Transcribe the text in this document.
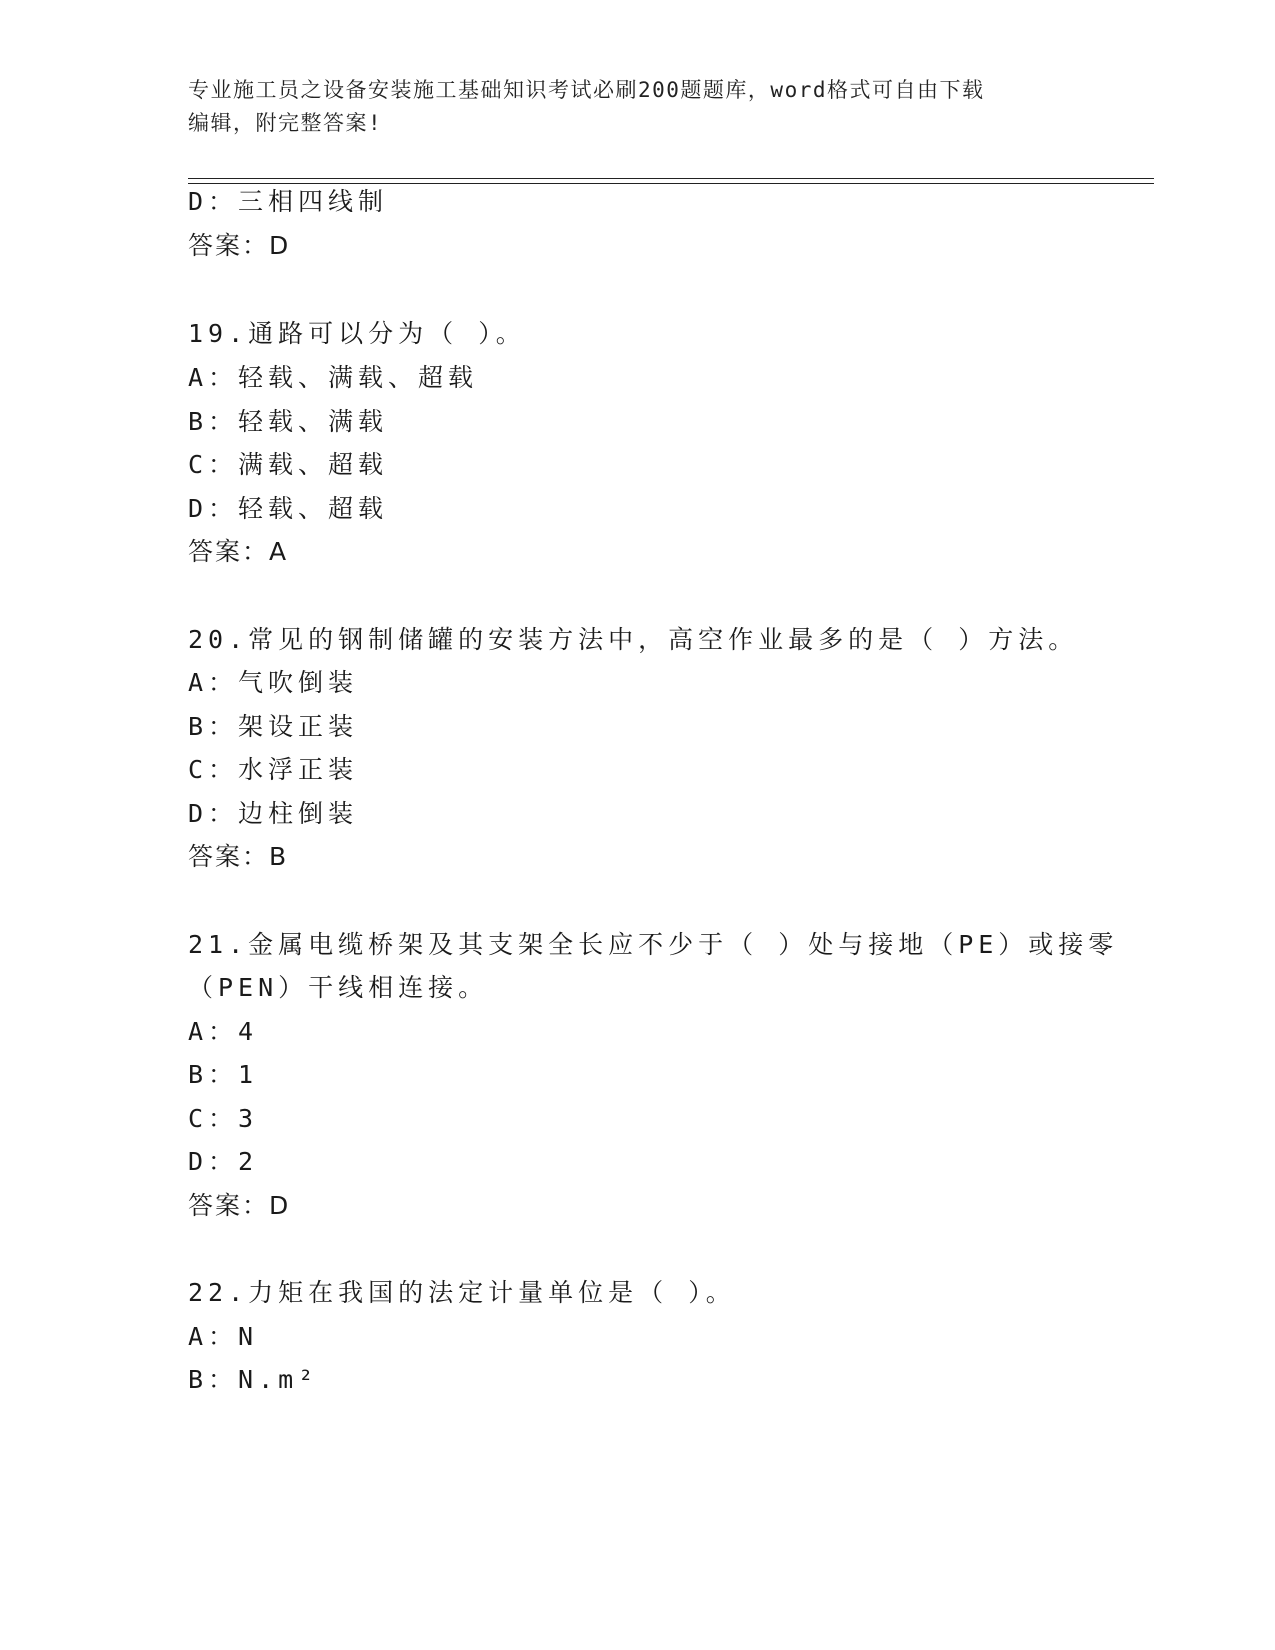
专业施工员之设备安装施工基础知识考试必刷200题题库，word格式可自由下载
编辑，附完整答案!
D：三相四线制
答案：D
19.通路可以分为（ ）。
A：轻载、满载、超载
B：轻载、满载
C：满载、超载
D：轻载、超载
答案：A
20.常见的钢制储罐的安装方法中，高空作业最多的是（ ）方法。
A：气吹倒装
B：架设正装
C：水浮正装
D：边柱倒装
答案：B
21.金属电缆桥架及其支架全长应不少于（ ）处与接地（PE）或接零
（PEN）干线相连接。
A：4
B：1
C：3
D：2
答案：D
22.力矩在我国的法定计量单位是（ ）。
A：N
B：N.m²
